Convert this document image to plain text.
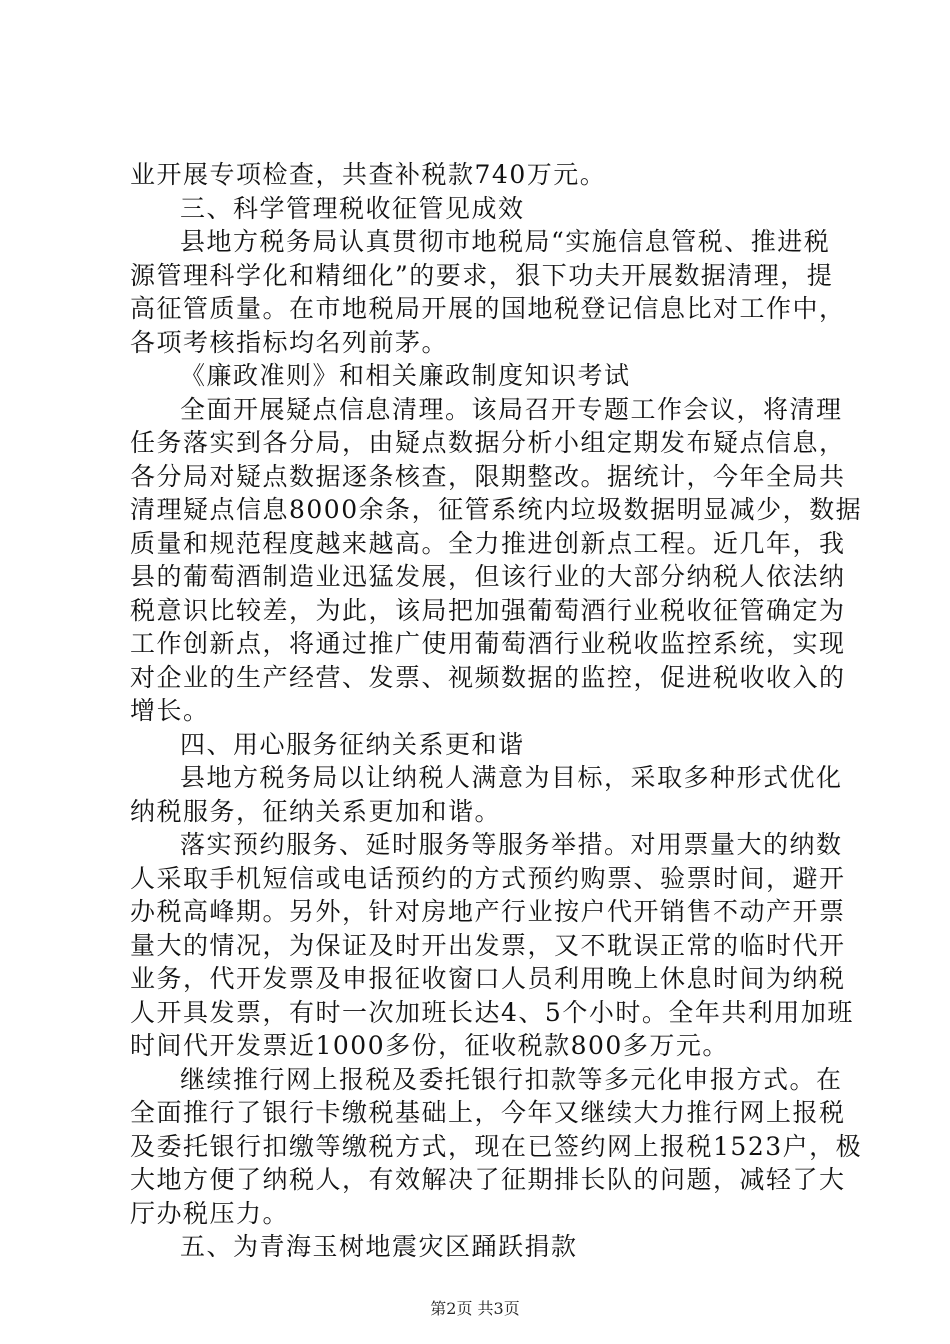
业开展专项检查，共查补税款740万元。
三、科学管理税收征管见成效
县地方税务局认真贯彻市地税局“实施信息管税、推进税
源管理科学化和精细化”的要求，狠下功夫开展数据清理，提
高征管质量。在市地税局开展的国地税登记信息比对工作中，
各项考核指标均名列前茅。
《廉政准则》和相关廉政制度知识考试
全面开展疑点信息清理。该局召开专题工作会议，将清理
任务落实到各分局，由疑点数据分析小组定期发布疑点信息，
各分局对疑点数据逐条核查，限期整改。据统计，今年全局共
清理疑点信息8000余条，征管系统内垃圾数据明显减少，数据
质量和规范程度越来越高。全力推进创新点工程。近几年，我
县的葡萄酒制造业迅猛发展，但该行业的大部分纳税人依法纳
税意识比较差，为此，该局把加强葡萄酒行业税收征管确定为
工作创新点，将通过推广使用葡萄酒行业税收监控系统，实现
对企业的生产经营、发票、视频数据的监控，促进税收收入的
增长。
四、用心服务征纳关系更和谐
县地方税务局以让纳税人满意为目标，采取多种形式优化
纳税服务，征纳关系更加和谐。
落实预约服务、延时服务等服务举措。对用票量大的纳数
人采取手机短信或电话预约的方式预约购票、验票时间，避开
办税高峰期。另外，针对房地产行业按户代开销售不动产开票
量大的情况，为保证及时开出发票，又不耽误正常的临时代开
业务，代开发票及申报征收窗口人员利用晚上休息时间为纳税
人开具发票，有时一次加班长达4、5个小时。全年共利用加班
时间代开发票近1000多份，征收税款800多万元。
继续推行网上报税及委托银行扣款等多元化申报方式。在
全面推行了银行卡缴税基础上，今年又继续大力推行网上报税
及委托银行扣缴等缴税方式，现在已签约网上报税1523户，极
大地方便了纳税人，有效解决了征期排长队的问题，减轻了大
厅办税压力。
五、为青海玉树地震灾区踊跃捐款
第2页 共3页
